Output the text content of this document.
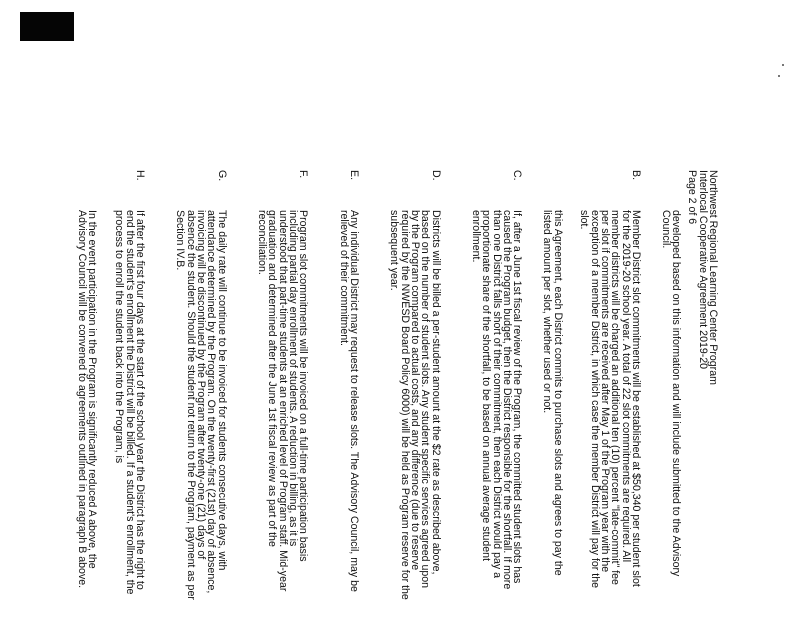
Northwest Regional Learning Center Program

Interlocal Cooperative Agreement 2019-20

Page 2 of 6

developed based on this information and will include submitted to the Advisory Council.

B.

Member District slot commitments will be established at $50,340 per student slot for the 2019-20 school year. A total of 22 slot commitments are required. All member districts will be charged an additional ten (10) percent "late-commit" fee per slot if commitments are received after May 1 of the Program year with the exception of a member District, in which case the member District will pay for the slot.

this Agreement, each District commits to purchase slots and agrees to pay the listed amount per slot, whether used or not.

C.

If, after a June 1st fiscal review of the Program, the committed student slots has caused the Program budget, then the District responsible for the shortfall. If more than one District falls short of their commitment, then each District would pay a proportionate share of the shortfall, to be based on annual average student enrollment.

D.

Districts will be billed a per-student amount at the $2 rate as described above, based on the number of student slots. Any student specific services agreed upon by the Program compared to actual costs, and any difference (due to reserve required by the NWESD Board Policy 6000) will be held as Program reserve for the subsequent year.

E.

Any individual District may request to release slots. The Advisory Council, may be relieved of their commitment.

F.

Program slot commitments will be invoiced on a full-time participation basis including partial day enrollment of students. A reduction in billing, as it is understood that part-time students at an enriched level of Program staff. Mid-year graduation and determined after the June 1st fiscal review as part of the reconciliation.

G.

The daily rate will continue to be invoiced for students consecutive days, with attendance determined by the Program. On the twenty-first (21st) day of absence, invoicing will be discontinued by the Program after twenty-one (21) days of absence the student. Should the student not return to the Program, payment as per Section IV.B.

H.

If after the first four days at the start of the school year the District has the right to end the student's enrollment the District will be billed. If a student's enrollment, the process to enroll the student back into the Program, is

In the event participation in the Program is significantly reduced A above, the Advisory Council will be convened to agreements outlined in paragraph B above.
